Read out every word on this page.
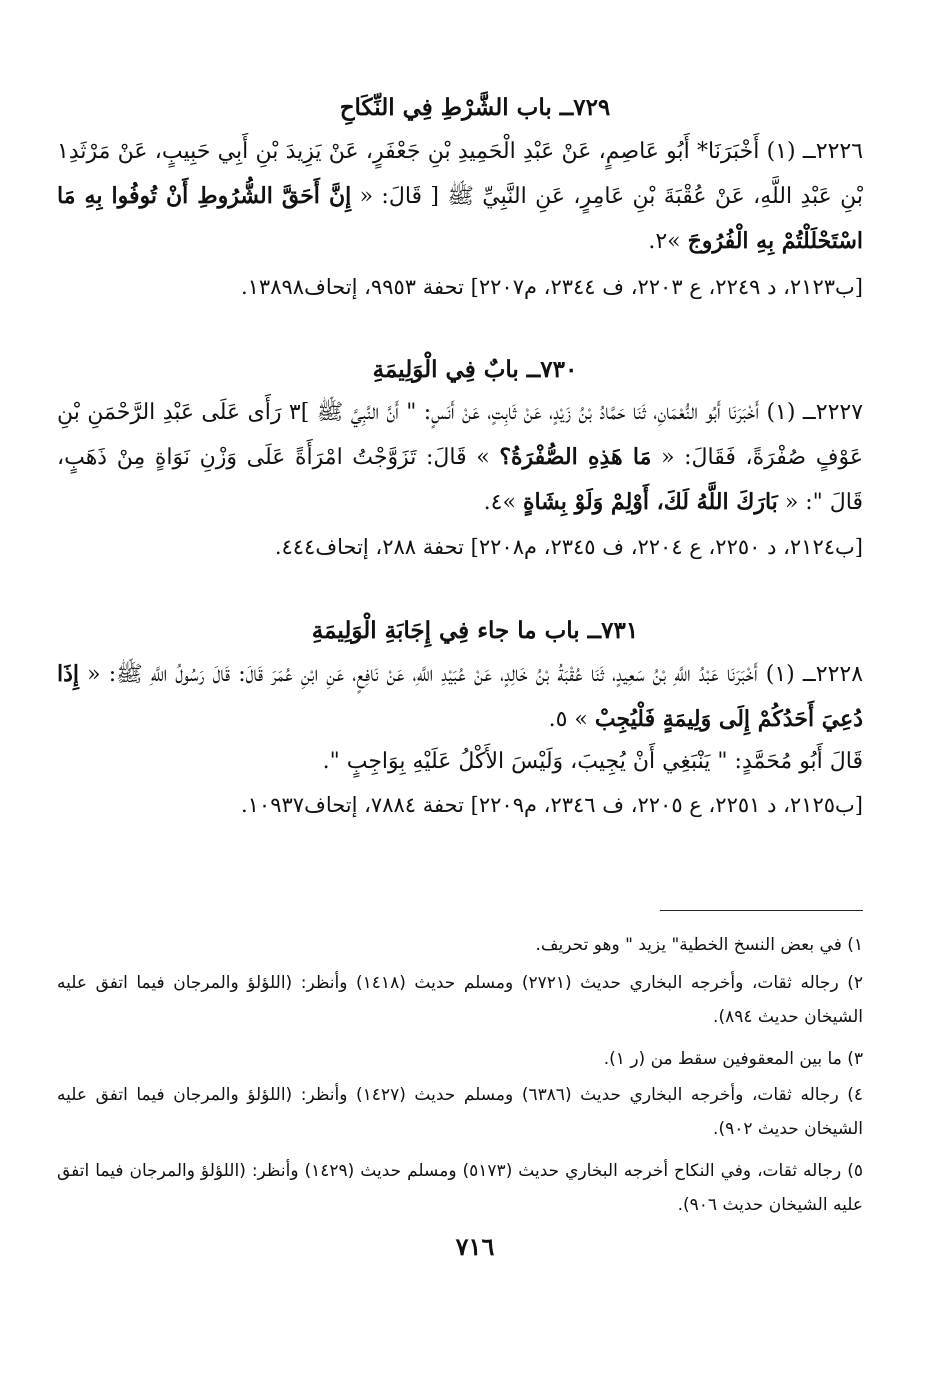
٧٢٩ــ باب الشَّرْطِ فِي النِّكَاحِ

٢٢٢٦ــ (١) أَخْبَرَنَا* أَبُو عَاصِمٍ، عَنْ عَبْدِ الْحَمِيدِ بْنِ جَعْفَرٍ، عَنْ يَزِيدَ بْنِ أَبِي حَبِيبٍ، عَنْ مَرْثَدِ١ بْنِ عَبْدِ اللَّهِ، عَنْ عُقْبَةَ بْنِ عَامِرٍ، عَنِ النَّبِيِّ ﷺ [ قَالَ: « إِنَّ أَحَقَّ الشُّرُوطِ أَنْ تُوفُوا بِهِ مَا اسْتَحْلَلْتُمْ بِهِ الْفُرُوجَ »٢.

[ب٢١٢٣، د ٢٢٤٩، ع ٢٢٠٣، ف ٢٣٤٤، م٢٢٠٧] تحفة ٩٩٥٣، إتحاف١٣٨٩٨.

٧٣٠ــ بابٌ فِي الْوَلِيمَةِ

٢٢٢٧ــ (١) أَخْبَرَنَا أَبُو النُّعْمَانِ، ثَنَا حَمَّادُ بْنُ زَيْدٍ، عَنْ ثَابِتٍ، عَنْ أَنَسٍ: " أَنَّ النَّبِيَّ ﷺ ]٣ رَأَى عَلَى عَبْدِ الرَّحْمَنِ بْنِ عَوْفٍ صُفْرَةً، فَقَالَ: « مَا هَذِهِ الصُّفْرَةُ؟ » قَالَ: تَزَوَّجْتُ امْرَأَةً عَلَى وَزْنِ نَوَاةٍ مِنْ ذَهَبٍ، قَالَ ": « بَارَكَ اللَّهُ لَكَ، أَوْلِمْ وَلَوْ بِشَاةٍ »٤.

[ب٢١٢٤، د ٢٢٥٠، ع ٢٢٠٤، ف ٢٣٤٥، م٢٢٠٨] تحفة ٢٨٨، إتحاف٤٤٤.

٧٣١ــ باب ما جاء فِي إِجَابَةِ الْوَلِيمَةِ

٢٢٢٨ــ (١) أَخْبَرَنَا عَبْدُ اللَّهِ بْنُ سَعِيدٍ، ثَنَا عُقْبَةُ بْنُ خَالِدٍ، عَنْ عُبَيْدِ اللَّهِ، عَنْ نَافِعٍ، عَنِ ابْنِ عُمَرَ قَالَ: قَالَ رَسُولُ اللَّهِ ﷺ: « إِذَا دُعِيَ أَحَدُكُمْ إِلَى وَلِيمَةٍ فَلْيُجِبْ » ٥.

قَالَ أَبُو مُحَمَّدٍ: " يَنْبَغِي أَنْ يُجِيبَ، وَلَيْسَ الأَكْلُ عَلَيْهِ بِوَاجِبٍ ".

[ب٢١٢٥، د ٢٢٥١، ع ٢٢٠٥، ف ٢٣٤٦، م٢٢٠٩] تحفة ٧٨٨٤، إتحاف١٠٩٣٧.

١) في بعض النسخ الخطية" يزيد " وهو تحريف.

٢) رجاله ثقات، وأخرجه البخاري حديث (٢٧٢١) ومسلم حديث (١٤١٨) وأنظر: (اللؤلؤ والمرجان فيما اتفق عليه الشيخان حديث ٨٩٤).

٣) ما بين المعقوفين سقط من (ر ١).

٤) رجاله ثقات، وأخرجه البخاري حديث (٦٣٨٦) ومسلم حديث (١٤٢٧) وأنظر: (اللؤلؤ والمرجان فيما اتفق عليه الشيخان حديث ٩٠٢).

٥) رجاله ثقات، وفي النكاح أخرجه البخاري حديث (٥١٧٣) ومسلم حديث (١٤٢٩) وأنظر: (اللؤلؤ والمرجان فيما اتفق عليه الشيخان حديث ٩٠٦).

٧١٦
